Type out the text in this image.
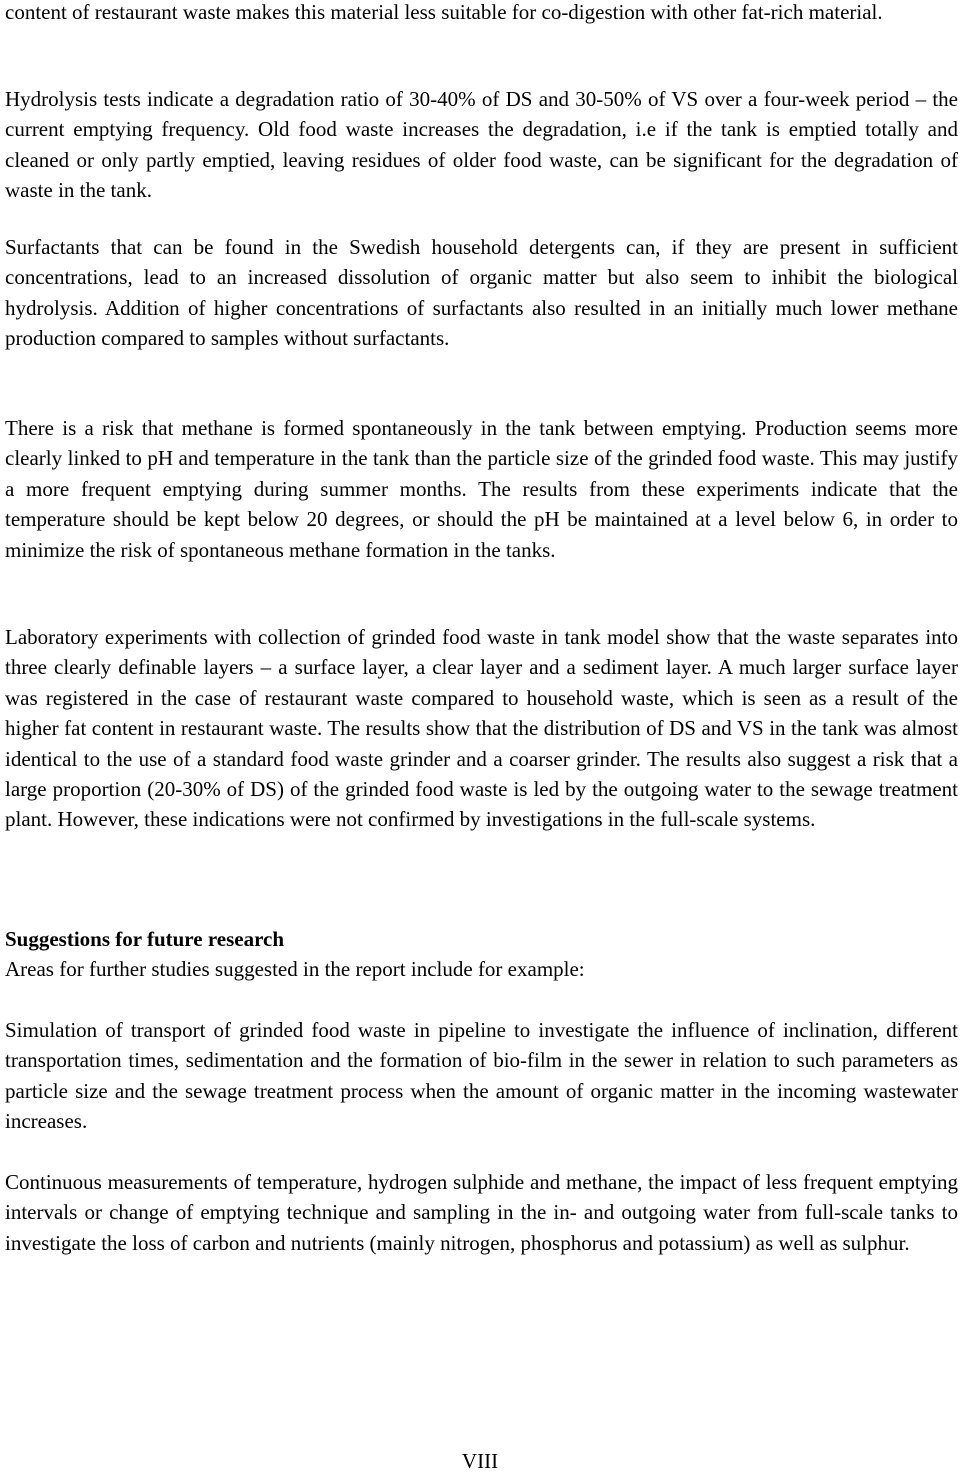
content of restaurant waste makes this material less suitable for co-digestion with other fat-rich material.

Hydrolysis tests indicate a degradation ratio of 30-40% of DS and 30-50% of VS over a four-week period – the current emptying frequency. Old food waste increases the degradation, i.e if the tank is emptied totally and cleaned or only partly emptied, leaving residues of older food waste, can be significant for the degradation of waste in the tank.

Surfactants that can be found in the Swedish household detergents can, if they are present in sufficient concentrations, lead to an increased dissolution of organic matter but also seem to inhibit the biological hydrolysis. Addition of higher concentrations of surfactants also resulted in an initially much lower methane production compared to samples without surfactants.

There is a risk that methane is formed spontaneously in the tank between emptying. Production seems more clearly linked to pH and temperature in the tank than the particle size of the grinded food waste. This may justify a more frequent emptying during summer months. The results from these experiments indicate that the temperature should be kept below 20 degrees, or should the pH be maintained at a level below 6, in order to minimize the risk of spontaneous methane formation in the tanks.

Laboratory experiments with collection of grinded food waste in tank model show that the waste separates into three clearly definable layers – a surface layer, a clear layer and a sediment layer. A much larger surface layer was registered in the case of restaurant waste compared to household waste, which is seen as a result of the higher fat content in restaurant waste. The results show that the distribution of DS and VS in the tank was almost identical to the use of a standard food waste grinder and a coarser grinder. The results also suggest a risk that a large proportion (20-30% of DS) of the grinded food waste is led by the outgoing water to the sewage treatment plant. However, these indications were not confirmed by investigations in the full-scale systems.

Suggestions for future research
Areas for further studies suggested in the report include for example:

Simulation of transport of grinded food waste in pipeline to investigate the influence of inclination, different transportation times, sedimentation and the formation of bio-film in the sewer in relation to such parameters as particle size and the sewage treatment process when the amount of organic matter in the incoming wastewater increases.

Continuous measurements of temperature, hydrogen sulphide and methane, the impact of less frequent emptying intervals or change of emptying technique and sampling in the in- and outgoing water from full-scale tanks to investigate the loss of carbon and nutrients (mainly nitrogen, phosphorus and potassium) as well as sulphur.

VIII
